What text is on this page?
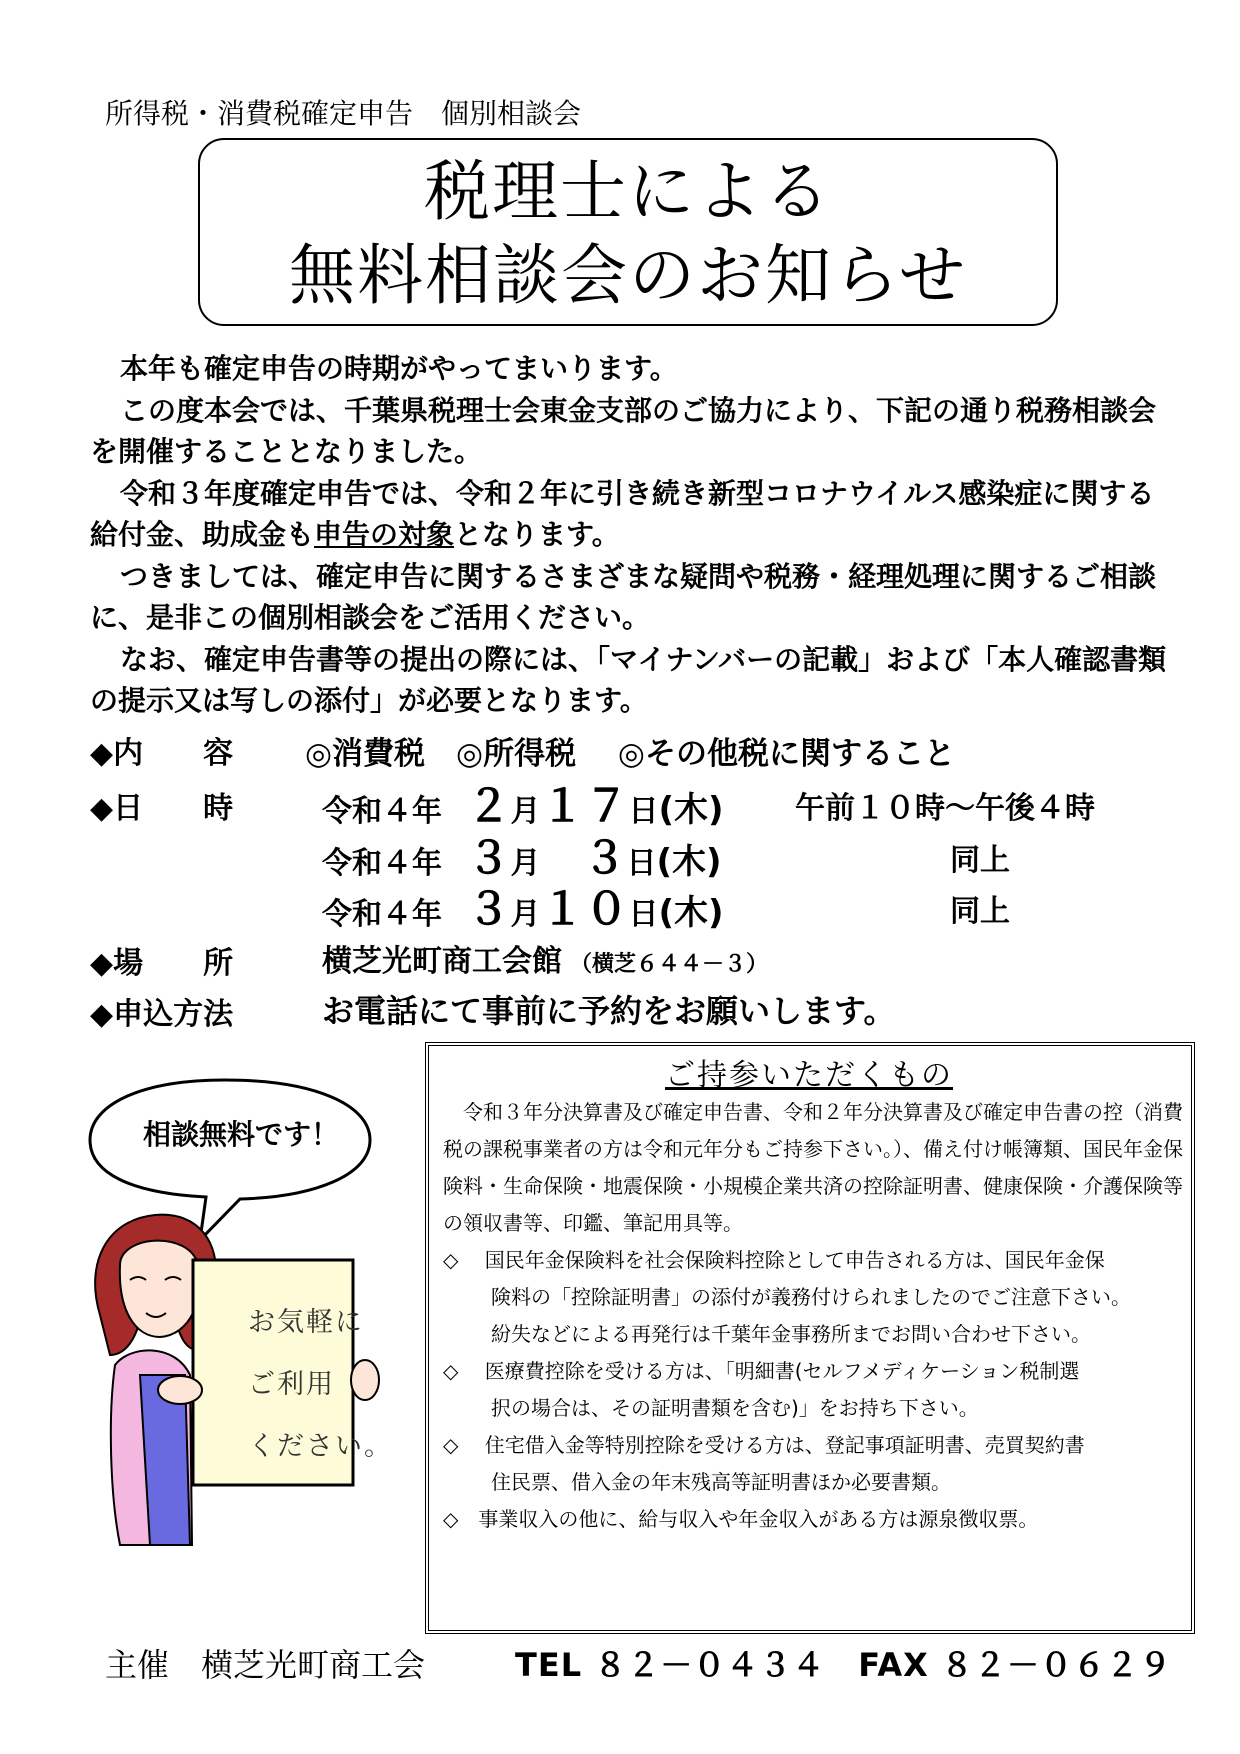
所得税・消費税確定申告　個別相談会
税理士による
無料相談会のお知らせ

本年も確定申告の時期がやってまいります。

この度本会では、千葉県税理士会東金支部のご協力により、下記の通り税務相談会を開催することとなりました。

令和３年度確定申告では、令和２年に引き続き新型コロナウイルス感染症に関する給付金、助成金も申告の対象となります。

つきましては、確定申告に関するさまざまな疑問や税務・経理処理に関するご相談に、是非この個別相談会をご活用ください。

なお、確定申告書等の提出の際には、「マイナンバーの記載」および「本人確認書類の提示又は写しの添付」が必要となります。

◆内　　容 ◎消費税　◎所得税　 ◎その他税に関すること
◆日　　時	令和４年 ２月１７日(木) 午前１０時～午後４時
令和４年 ３月 ３日(木)	同上
令和４年 ３月１０日(木)	同上
◆場　　所	横芝光町商工会館 （横芝６４４－３）
◆申込方法	お電話にて事前に予約をお願いします。
相談無料です！
お気軽に
ご利用
ください。
ご持参いただくもの

令和３年分決算書及び確定申告書、令和２年分決算書及び確定申告書の控（消費税の課税事業者の方は令和元年分もご持参下さい。）、備え付け帳簿類、国民年金保険料・生命保険・地震保険・小規模企業共済の控除証明書、健康保険・介護保険等の領収書等、印鑑、筆記用具等。

◇　 国民年金保険料を社会保険料控除として申告される方は、国民年金保
険料の「控除証明書」の添付が義務付けられましたのでご注意下さい。
紛失などによる再発行は千葉年金事務所までお問い合わせ下さい。

◇　 医療費控除を受ける方は、「明細書(セルフメディケーション税制選
択の場合は、その証明書類を含む)」をお持ち下さい。

◇　 住宅借入金等特別控除を受ける方は、登記事項証明書、売買契約書
住民票、借入金の年末残高等証明書ほか必要書類。

◇　 事業収入の他に、給与収入や年金収入がある方は源泉徴収票。

主催　横芝光町商工会	TEL ８２－０４３４　FAX ８２－０６２９
